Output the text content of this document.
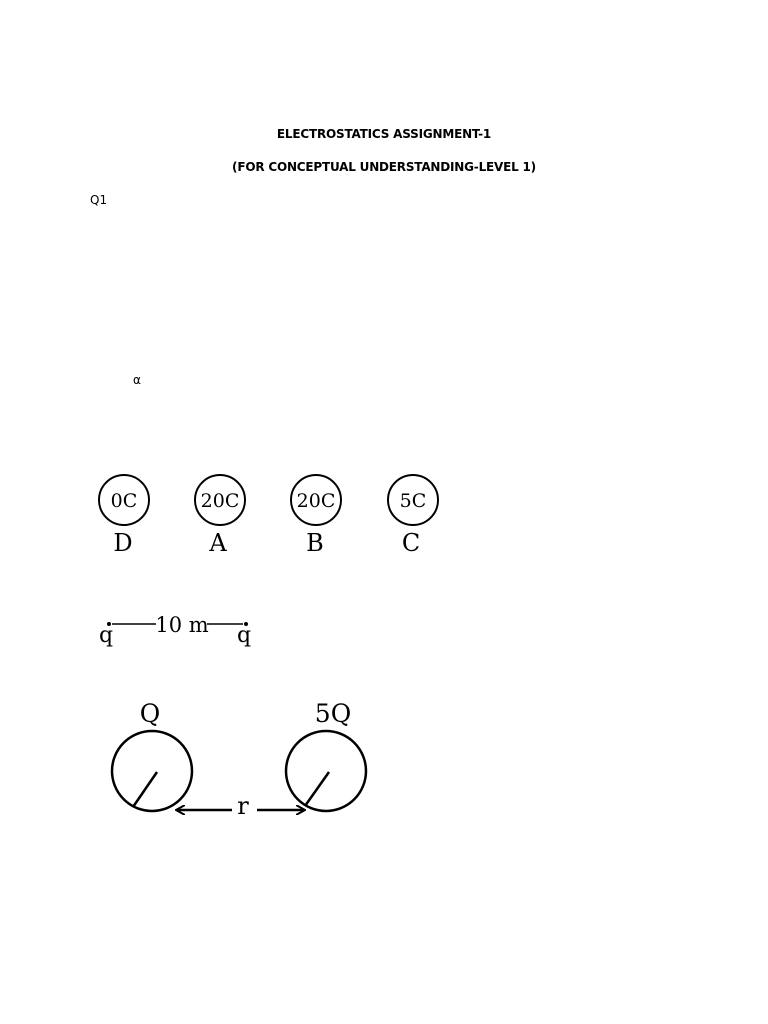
ELECTROSTATICS ASSIGNMENT-1
(FOR CONCEPTUAL UNDERSTANDING-LEVEL 1)
Q1
α
0C
D
20C
A
20C
B
5C
C
10 m
q	q
Q	5Q
r
